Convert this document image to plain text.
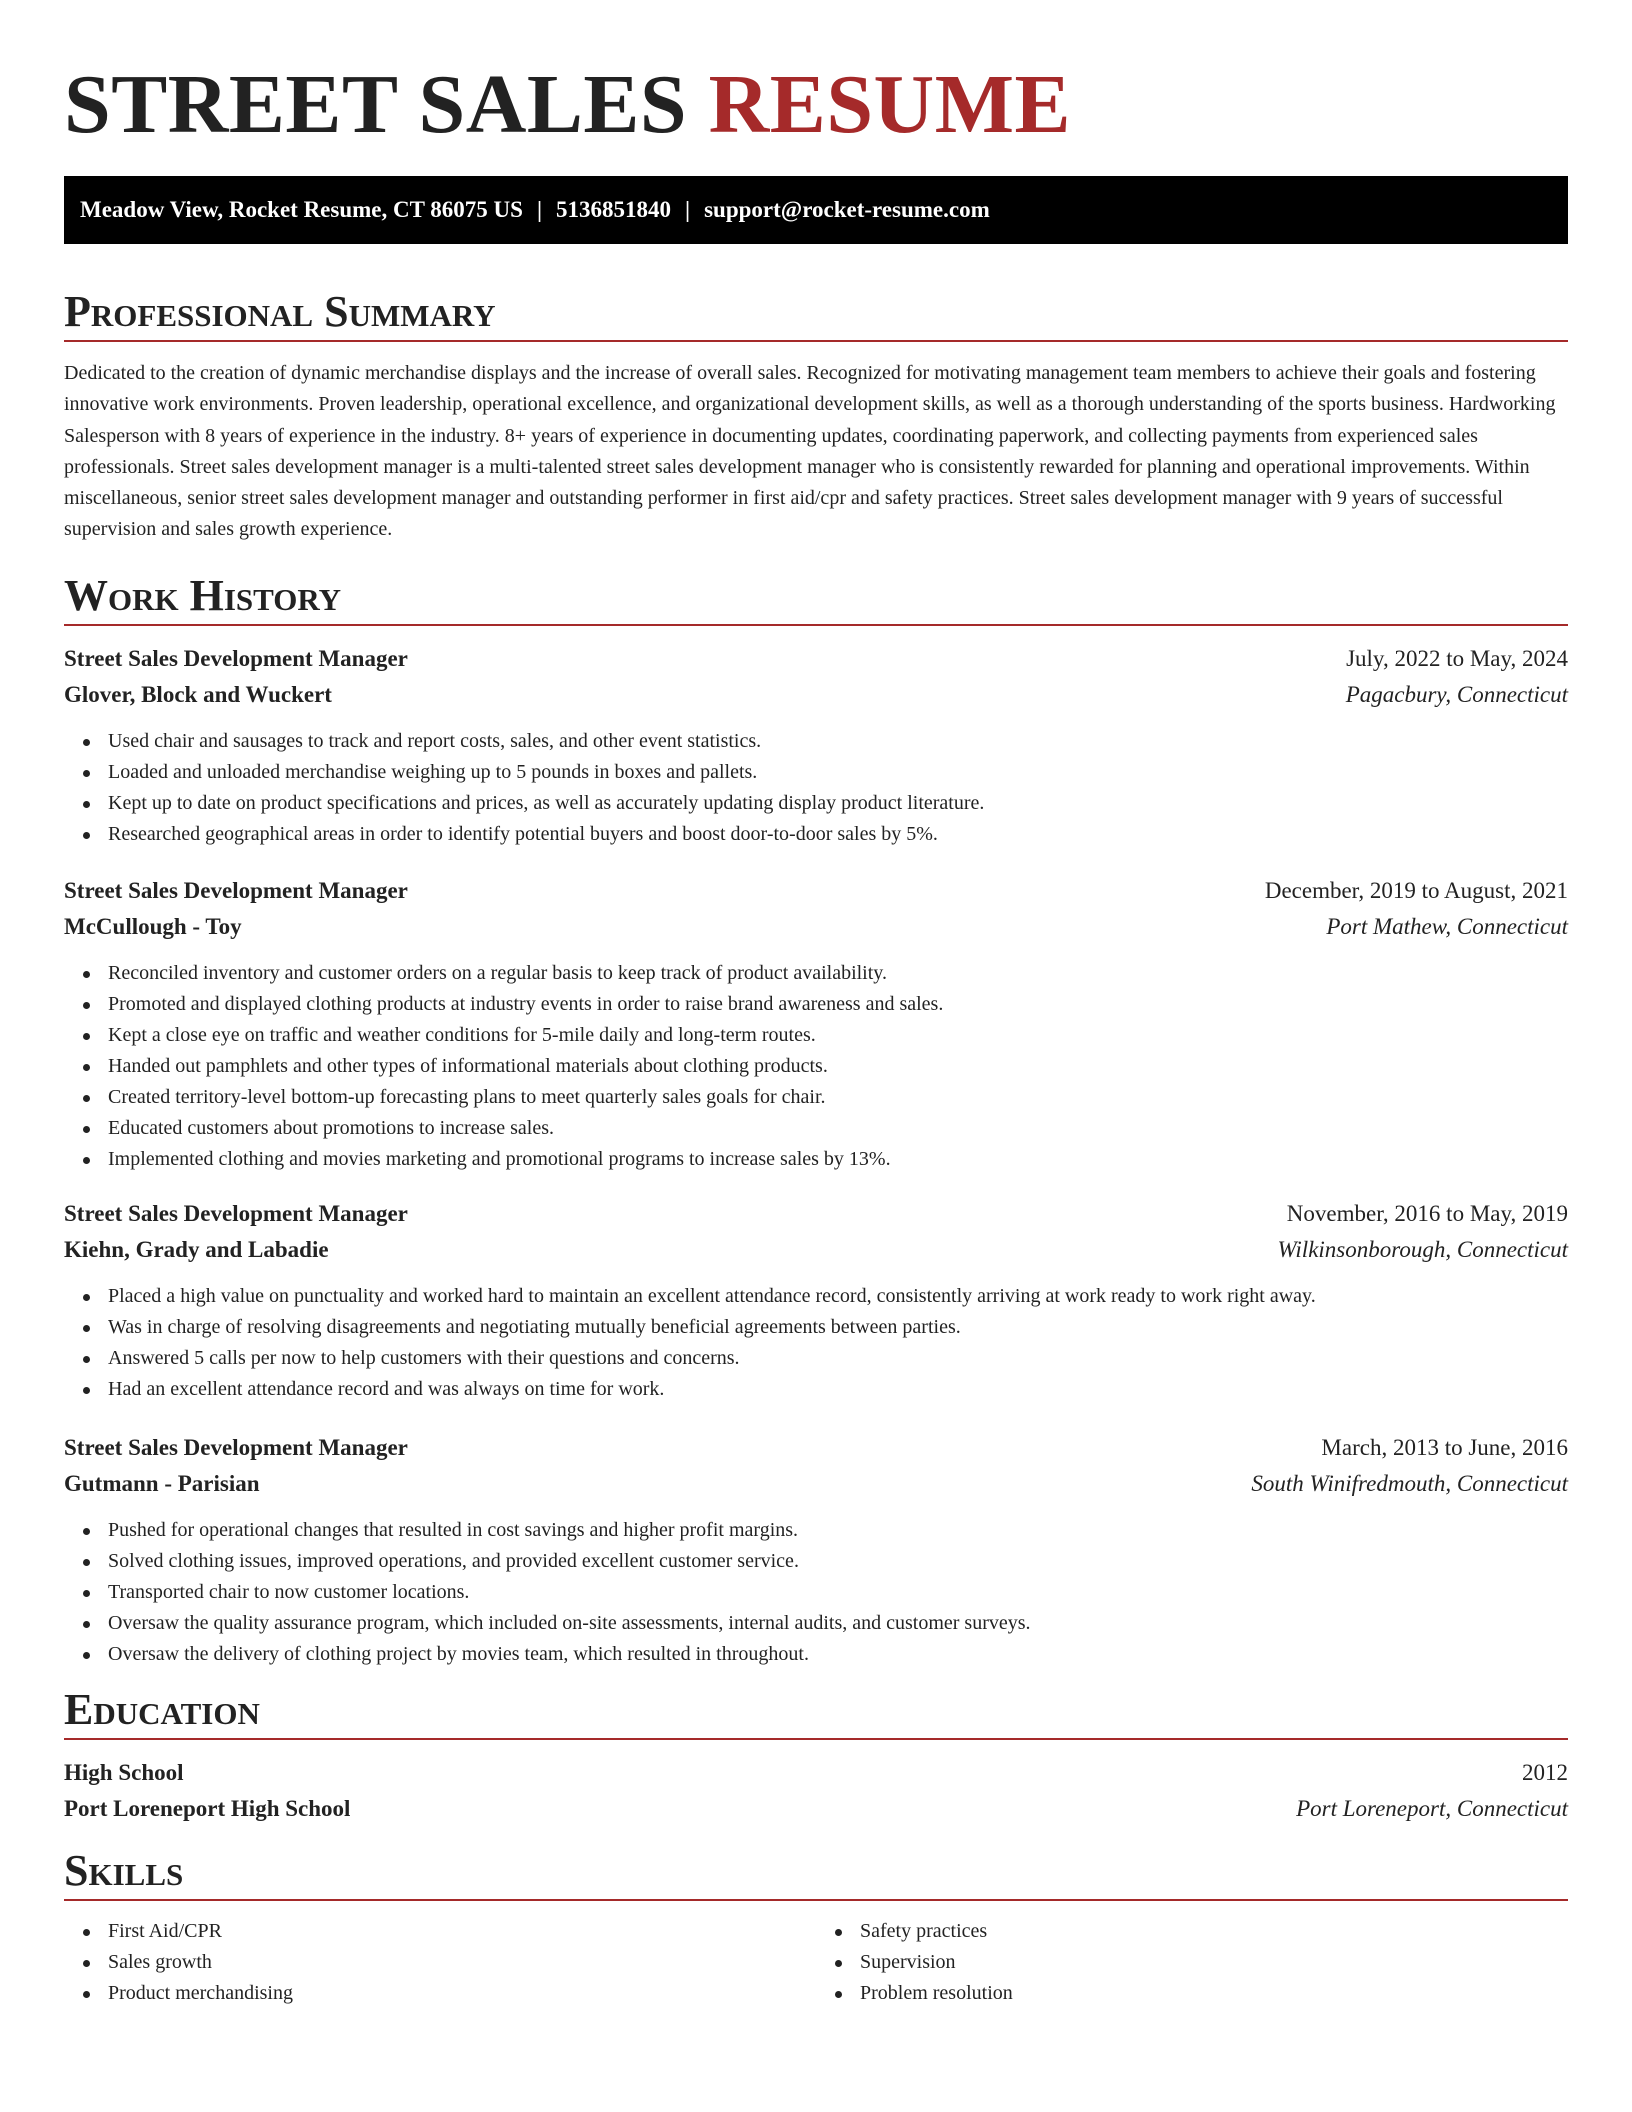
STREET SALES RESUME
Meadow View, Rocket Resume, CT 86075 US | 5136851840 | support@rocket-resume.com
Professional Summary

Dedicated to the creation of dynamic merchandise displays and the increase of overall sales. Recognized for motivating management team members to achieve their goals and fostering innovative work environments. Proven leadership, operational excellence, and organizational development skills, as well as a thorough understanding of the sports business. Hardworking Salesperson with 8 years of experience in the industry. 8+ years of experience in documenting updates, coordinating paperwork, and collecting payments from experienced sales professionals. Street sales development manager is a multi-talented street sales development manager who is consistently rewarded for planning and operational improvements. Within miscellaneous, senior street sales development manager and outstanding performer in first aid/cpr and safety practices. Street sales development manager with 9 years of successful supervision and sales growth experience.

Work History
Street Sales Development Manager	July, 2022 to May, 2024
Glover, Block and Wuckert	Pagacbury, Connecticut
Used chair and sausages to track and report costs, sales, and other event statistics.
Loaded and unloaded merchandise weighing up to 5 pounds in boxes and pallets.
Kept up to date on product specifications and prices, as well as accurately updating display product literature.
Researched geographical areas in order to identify potential buyers and boost door-to-door sales by 5%.
Street Sales Development Manager	December, 2019 to August, 2021
McCullough - Toy	Port Mathew, Connecticut
Reconciled inventory and customer orders on a regular basis to keep track of product availability.
Promoted and displayed clothing products at industry events in order to raise brand awareness and sales.
Kept a close eye on traffic and weather conditions for 5-mile daily and long-term routes.
Handed out pamphlets and other types of informational materials about clothing products.
Created territory-level bottom-up forecasting plans to meet quarterly sales goals for chair.
Educated customers about promotions to increase sales.
Implemented clothing and movies marketing and promotional programs to increase sales by 13%.
Street Sales Development Manager	November, 2016 to May, 2019
Kiehn, Grady and Labadie	Wilkinsonborough, Connecticut
Placed a high value on punctuality and worked hard to maintain an excellent attendance record, consistently arriving at work ready to work right away.
Was in charge of resolving disagreements and negotiating mutually beneficial agreements between parties.
Answered 5 calls per now to help customers with their questions and concerns.
Had an excellent attendance record and was always on time for work.
Street Sales Development Manager	March, 2013 to June, 2016
Gutmann - Parisian	South Winifredmouth, Connecticut
Pushed for operational changes that resulted in cost savings and higher profit margins.
Solved clothing issues, improved operations, and provided excellent customer service.
Transported chair to now customer locations.
Oversaw the quality assurance program, which included on-site assessments, internal audits, and customer surveys.
Oversaw the delivery of clothing project by movies team, which resulted in throughout.
Education
High School	2012
Port Loreneport High School	Port Loreneport, Connecticut
Skills
First Aid/CPR
Sales growth
Product merchandising
Safety practices
Supervision
Problem resolution
